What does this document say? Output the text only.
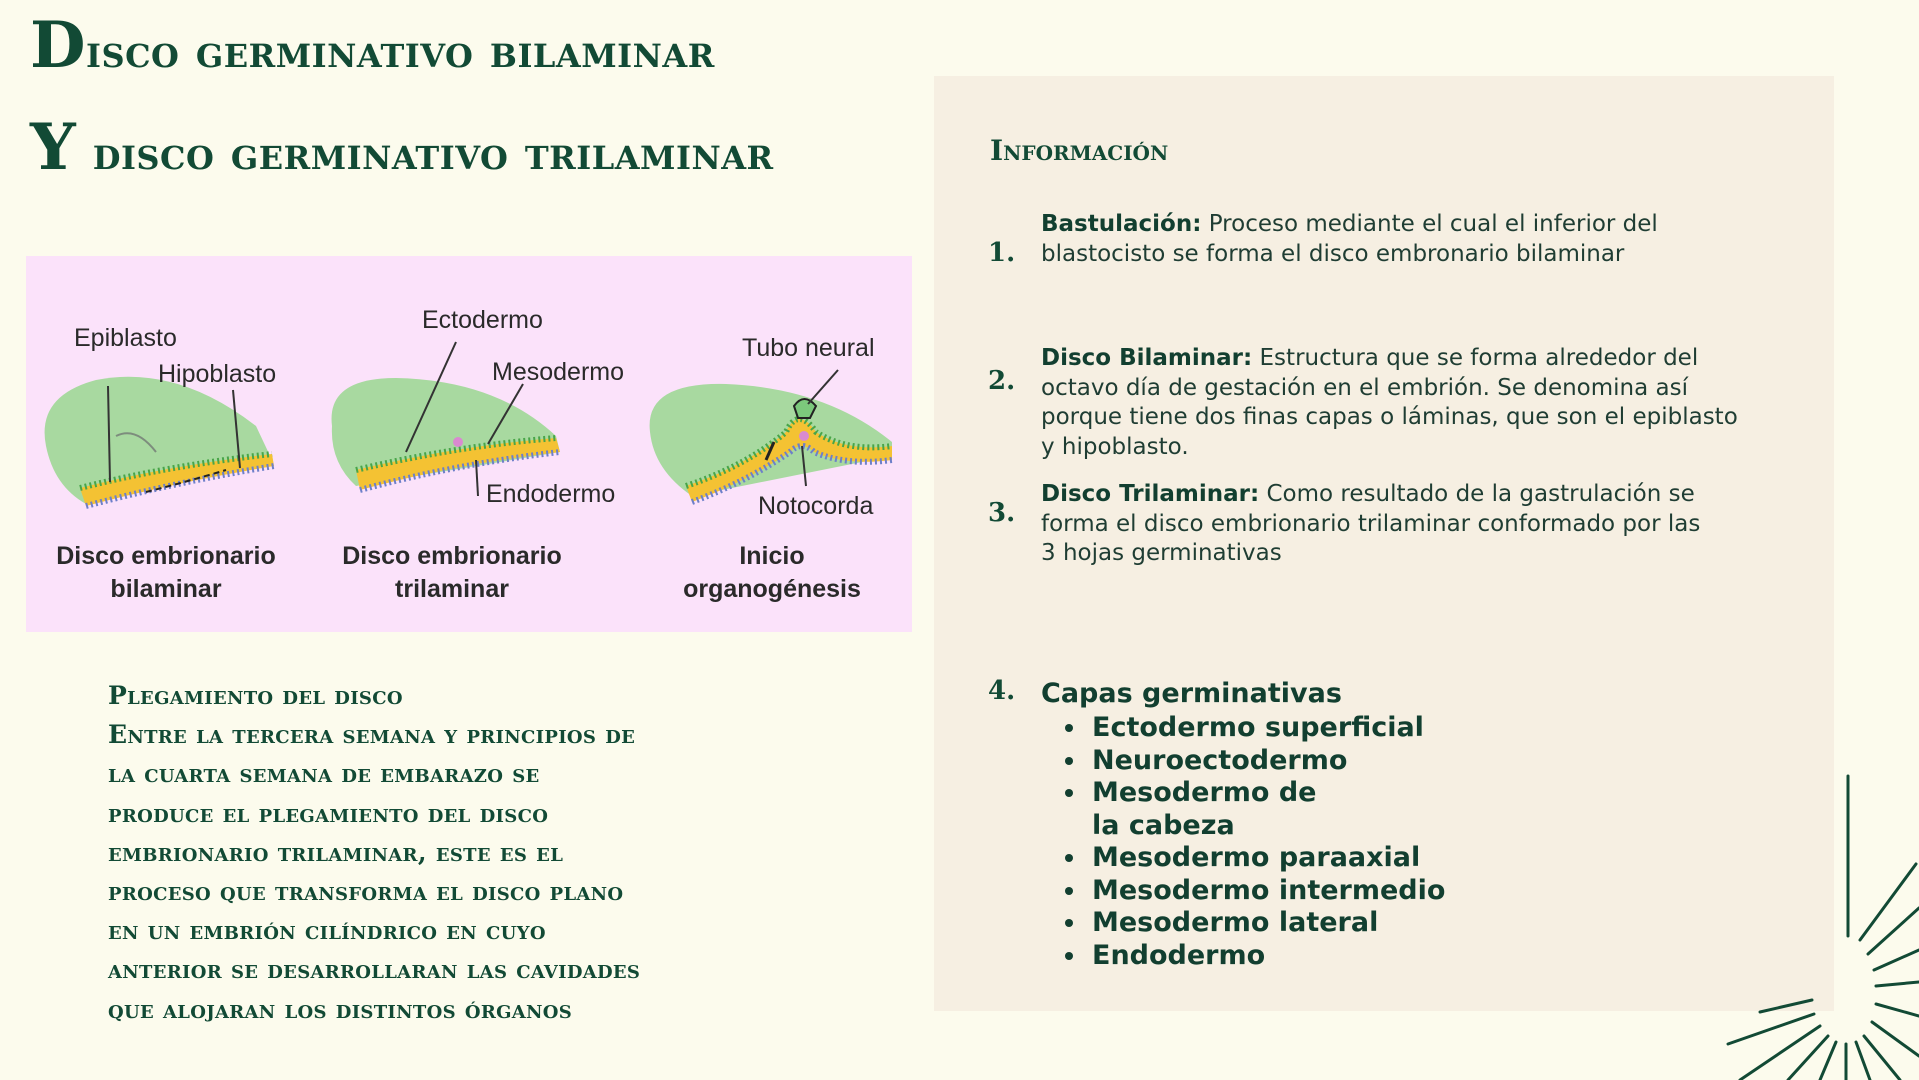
Disco germinativo bilaminar
Y disco germinativo trilaminar
Epiblasto
Hipoblasto
Ectodermo
Mesodermo
Endodermo
Tubo neural
Notocorda
Disco embrionario
bilaminar
Disco embrionario
trilaminar
Inicio
organogénesis
Plegamiento del disco
Entre la tercera semana y principios de
la cuarta semana de embarazo se
produce el plegamiento del disco
embrionario trilaminar, este es el
proceso que transforma el disco plano
en un embrión cilíndrico en cuyo
anterior se desarrollaran las cavidades
que alojaran los distintos órganos
Información
1.
Bastulación: Proceso mediante el cual el inferior del blastocisto se forma el disco embronario bilaminar
2.
Disco Bilaminar: Estructura que se forma alrededor del octavo día de gestación en el embrión. Se denomina así porque tiene dos finas capas o láminas, que son el epiblasto y hipoblasto.
3.
Disco Trilaminar: Como resultado de la gastrulación se forma el disco embrionario trilaminar conformado por las 3 hojas germinativas
4. Capas germinativas
• Ectodermo superficial
• Neuroectodermo
• Mesodermo de la cabeza
• Mesodermo paraaxial
• Mesodermo intermedio
• Mesodermo lateral
• Endodermo
